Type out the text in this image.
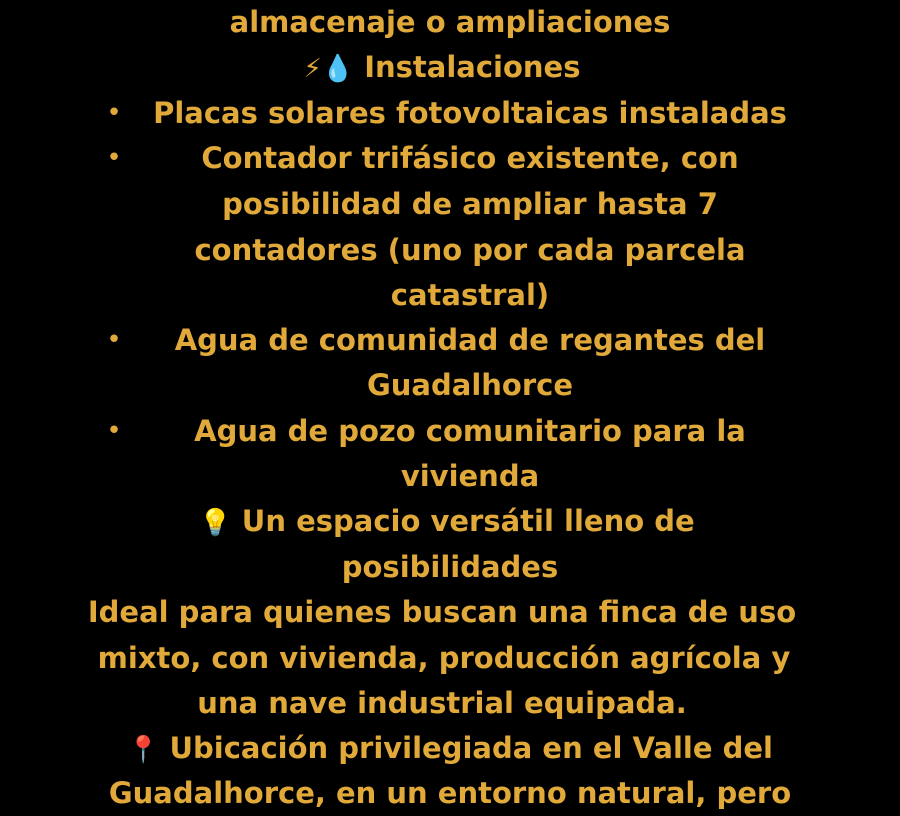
almacenaje o ampliaciones
⚡💧 Instalaciones
•	Placas solares fotovoltaicas instaladas
•	Contador trifásico existente, con
posibilidad de ampliar hasta 7
contadores (uno por cada parcela
catastral)
•	Agua de comunidad de regantes del
Guadalhorce
•	Agua de pozo comunitario para la
vivienda
💡 Un espacio versátil lleno de
posibilidades
Ideal para quienes buscan una finca de uso
mixto, con vivienda, producción agrícola y
una nave industrial equipada.
📍 Ubicación privilegiada en el Valle del
Guadalhorce, en un entorno natural, pero
